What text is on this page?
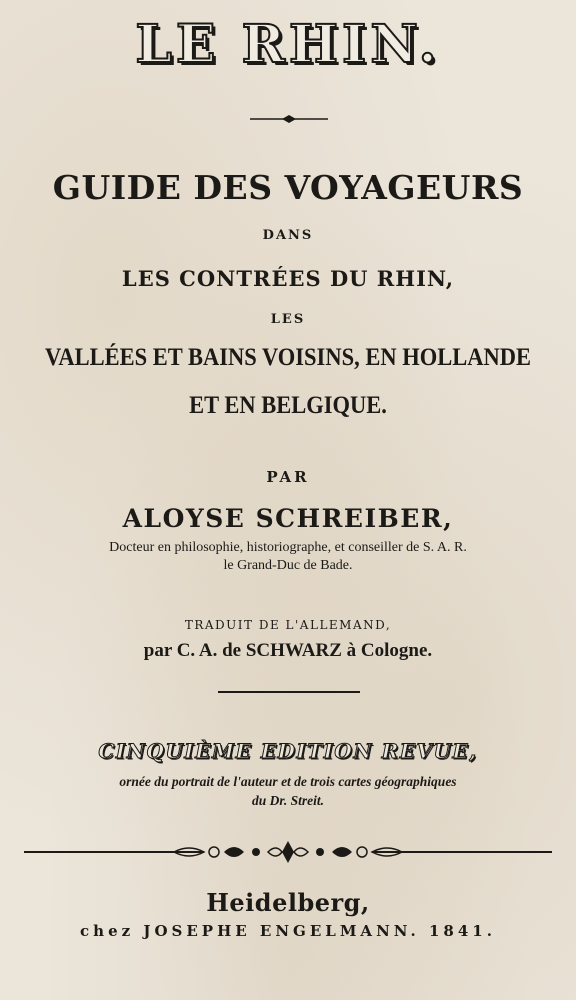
LE RHIN.
GUIDE DES VOYAGEURS
DANS
LES CONTRÉES DU RHIN,
LES
VALLÉES ET BAINS VOISINS, EN HOLLANDE
ET EN BELGIQUE.
PAR
ALOYSE SCHREIBER,
Docteur en philosophie, historiographe, et conseiller de S. A. R.
le Grand-Duc de Bade.
TRADUIT DE L'ALLEMAND,
par C. A. de SCHWARZ à Cologne.
CINQUIÈME EDITION REVUE,
ornée du portrait de l'auteur et de trois cartes géographiques
du Dr. Streit.
Heidelberg,
chez JOSEPHE ENGELMANN. 1841.
